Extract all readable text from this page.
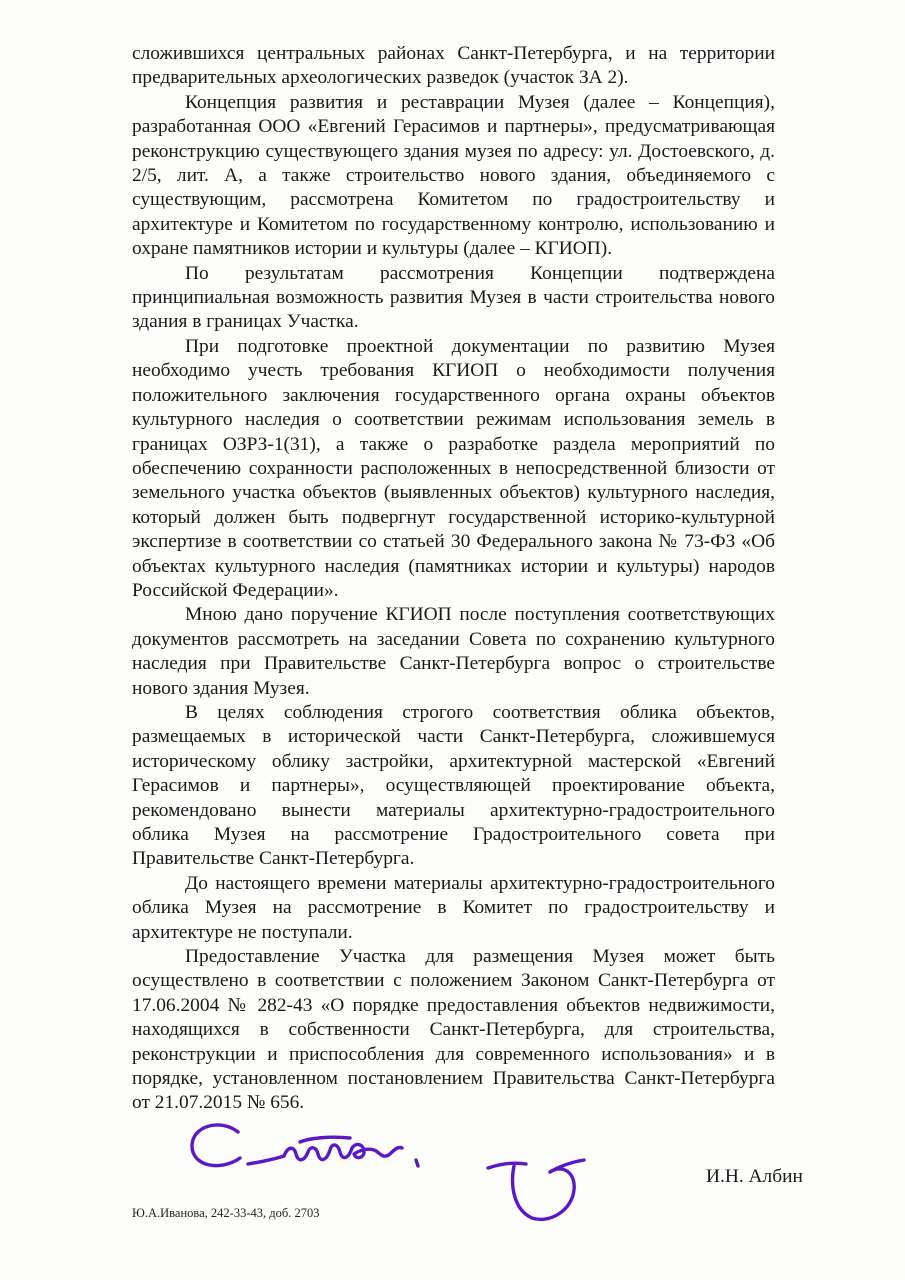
сложившихся центральных районах Санкт-Петербурга, и на территории предварительных археологических разведок (участок ЗА 2).

Концепция развития и реставрации Музея (далее – Концепция), разработанная ООО «Евгений Герасимов и партнеры», предусматривающая реконструкцию существующего здания музея по адресу: ул. Достоевского, д. 2/5, лит. А, а также строительство нового здания, объединяемого с существующим, рассмотрена Комитетом по градостроительству и архитектуре и Комитетом по государственному контролю, использованию и охране памятников истории и культуры (далее – КГИОП).

По результатам рассмотрения Концепции подтверждена принципиальная возможность развития Музея в части строительства нового здания в границах Участка.

При подготовке проектной документации по развитию Музея необходимо учесть требования КГИОП о необходимости получения положительного заключения государственного органа охраны объектов культурного наследия о соответствии режимам использования земель в границах ОЗРЗ-1(31), а также о разработке раздела мероприятий по обеспечению сохранности расположенных в непосредственной близости от земельного участка объектов (выявленных объектов) культурного наследия, который должен быть подвергнут государственной историко-культурной экспертизе в соответствии со статьей 30 Федерального закона № 73-ФЗ «Об объектах культурного наследия (памятниках истории и культуры) народов Российской Федерации».

Мною дано поручение КГИОП после поступления соответствующих документов рассмотреть на заседании Совета по сохранению культурного наследия при Правительстве Санкт-Петербурга вопрос о строительстве нового здания Музея.

В целях соблюдения строгого соответствия облика объектов, размещаемых в исторической части Санкт-Петербурга, сложившемуся историческому облику застройки, архитектурной мастерской «Евгений Герасимов и партнеры», осуществляющей проектирование объекта, рекомендовано вынести материалы архитектурно-градостроительного облика Музея на рассмотрение Градостроительного совета при Правительстве Санкт-Петербурга.

До настоящего времени материалы архитектурно-градостроительного облика Музея на рассмотрение в Комитет по градостроительству и архитектуре не поступали.

Предоставление Участка для размещения Музея может быть осуществлено в соответствии с положением Законом Санкт-Петербурга от 17.06.2004 № 282-43 «О порядке предоставления объектов недвижимости, находящихся в собственности Санкт-Петербурга, для строительства, реконструкции и приспособления для современного использования» и в порядке, установленном постановлением Правительства Санкт-Петербурга от 21.07.2015 № 656.

И.Н. Албин
Ю.А.Иванова, 242-33-43, доб. 2703
